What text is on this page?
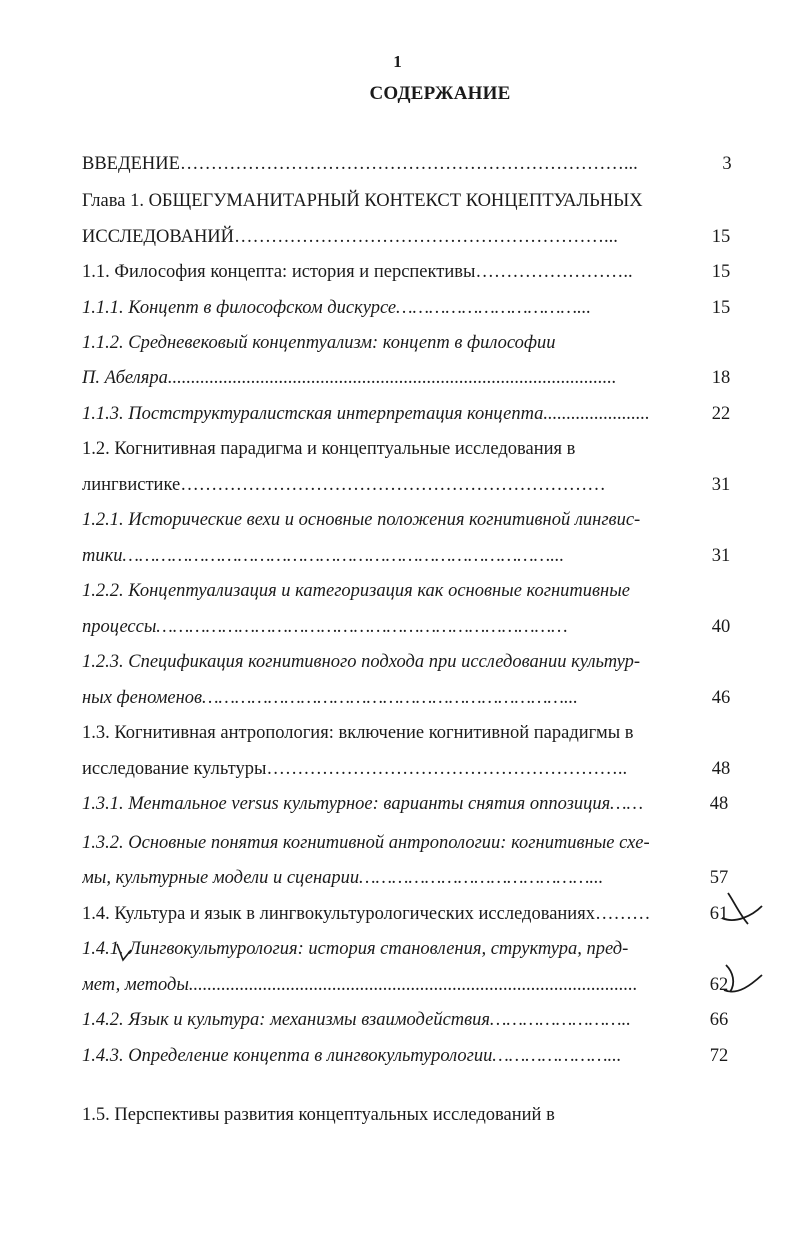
1
СОДЕРЖАНИЕ
ВВЕДЕНИЕ………………………………………………………………...	3
Глава 1. ОБЩЕГУМАНИТАРНЫЙ КОНТЕКСТ КОНЦЕПТУАЛЬНЫХ
ИССЛЕДОВАНИЙ……………………………………………………...	15
1.1. Философия концепта: история и перспективы……………………..	15
1.1.1. Концепт в философском дискурсе……………………………...	15
1.1.2. Средневековый концептуализм: концепт в философии
П. Абеляра.................................................................................................	18
1.1.3. Постструктуралистская интерпретация концепта.......................	22
1.2. Когнитивная парадигма и концептуальные исследования в
лингвистике……………………………………………………………	31
1.2.1. Исторические вехи и основные положения когнитивной лингвис-
тики……………………………………………………………………...	31
1.2.2. Концептуализация и категоризация как основные когнитивные
процессы…………………………………………………………………	40
1.2.3. Спецификация когнитивного подхода при исследовании культур-
ных феноменов…………………………………………………………...	46
1.3. Когнитивная антропология: включение когнитивной парадигмы в
исследование культуры…………………………………………………..	48
1.3.1. Ментальное versus культурное: варианты снятия оппозиция……	48
1.3.2. Основные понятия когнитивной антропологии: когнитивные схе-
мы, культурные модели и сценарии……………………………………...	57
1.4. Культура и язык в лингвокультурологических исследованиях………	61
1.4.1. Лингвокультурология: история становления, структура, пред-
мет, методы.................................................................................................	62
1.4.2. Язык и культура: механизмы взаимодействия……………………..	66
1.4.3. Определение концепта в лингвокультурологии…………………...	72
1.5. Перспективы развития концептуальных исследований в
